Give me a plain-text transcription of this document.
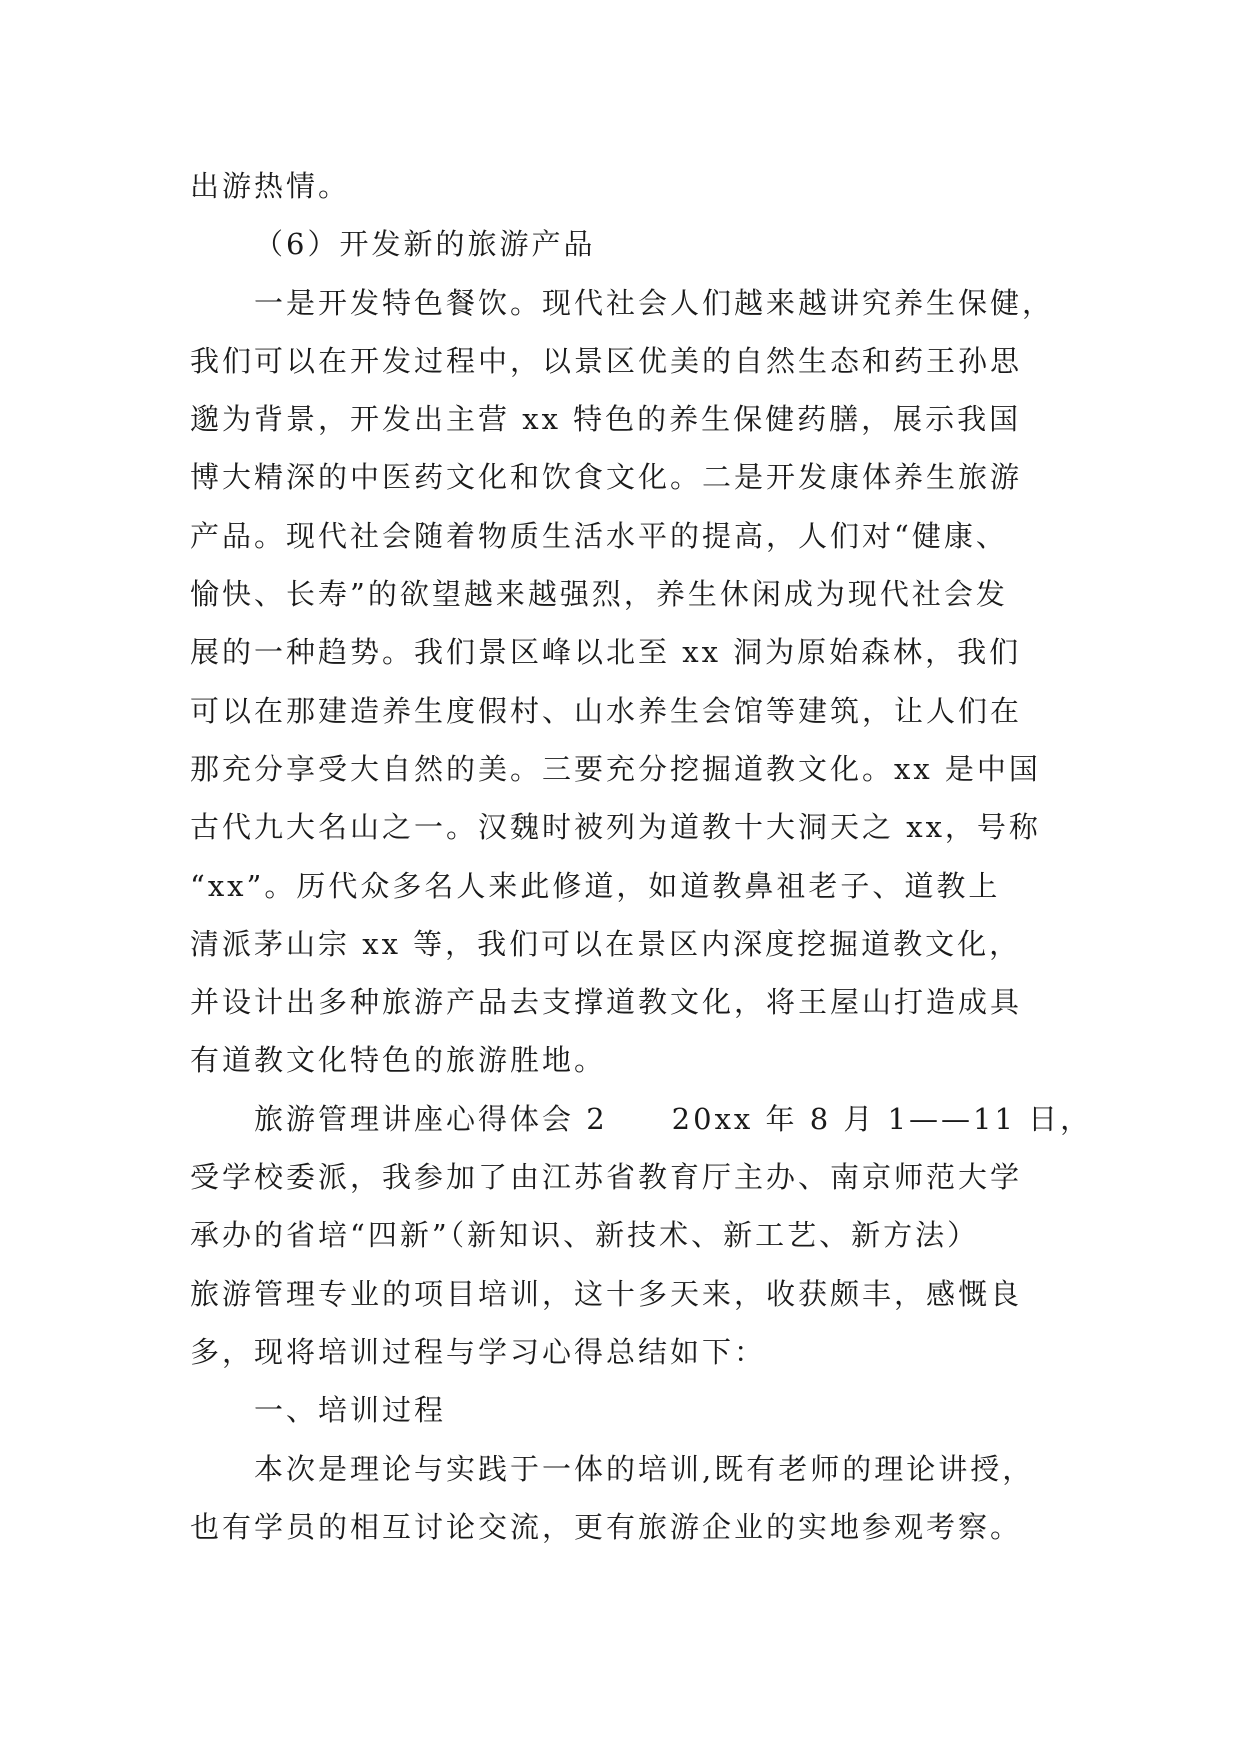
出游热情。
（6）开发新的旅游产品
一是开发特色餐饮。现代社会人们越来越讲究养生保健，
我们可以在开发过程中，以景区优美的自然生态和药王孙思
邈为背景，开发出主营 xx 特色的养生保健药膳，展示我国
博大精深的中医药文化和饮食文化。二是开发康体养生旅游
产品。现代社会随着物质生活水平的提高，人们对“健康、
愉快、长寿”的欲望越来越强烈，养生休闲成为现代社会发
展的一种趋势。我们景区峰以北至 xx 洞为原始森林，我们
可以在那建造养生度假村、山水养生会馆等建筑，让人们在
那充分享受大自然的美。三要充分挖掘道教文化。xx 是中国
古代九大名山之一。汉魏时被列为道教十大洞天之 xx，号称
“xx”。历代众多名人来此修道，如道教鼻祖老子、道教上
清派茅山宗 xx 等，我们可以在景区内深度挖掘道教文化，
并设计出多种旅游产品去支撑道教文化，将王屋山打造成具
有道教文化特色的旅游胜地。
旅游管理讲座心得体会 2　　20xx 年 8 月 1——11 日，
受学校委派，我参加了由江苏省教育厅主办、南京师范大学
承办的省培“四新”（新知识、新技术、新工艺、新方法）
旅游管理专业的项目培训，这十多天来，收获颇丰，感慨良
多，现将培训过程与学习心得总结如下：
一、培训过程
本次是理论与实践于一体的培训,既有老师的理论讲授，
也有学员的相互讨论交流，更有旅游企业的实地参观考察。
